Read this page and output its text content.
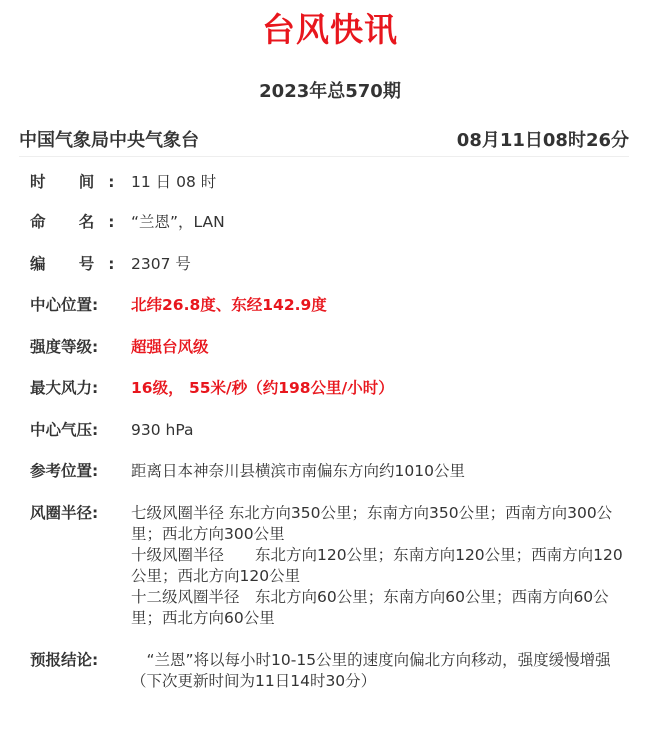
台风快讯
2023年总570期
中国气象局中央气象台	08月11日08时26分
时 间: 11 日 08 时
命 名: “兰恩”，LAN
编 号: 2307 号
中心位置:	北纬26.8度、东经142.9度
强度等级:	超强台风级
最大风力:	16级， 55米/秒（约198公里/小时）
中心气压:	930 hPa
参考位置:	距离日本神奈川县横滨市南偏东方向约1010公里
风圈半径:	七级风圈半径 东北方向350公里；东南方向350公里；西南方向300公里；西北方向300公里

十级风圈半径　　东北方向120公里；东南方向120公里；西南方向120公里；西北方向120公里

十二级风圈半径　东北方向60公里；东南方向60公里；西南方向60公里；西北方向60公里

预报结论:	　“兰恩”将以每小时10-15公里的速度向偏北方向移动，强度缓慢增强

（下次更新时间为11日14时30分）
